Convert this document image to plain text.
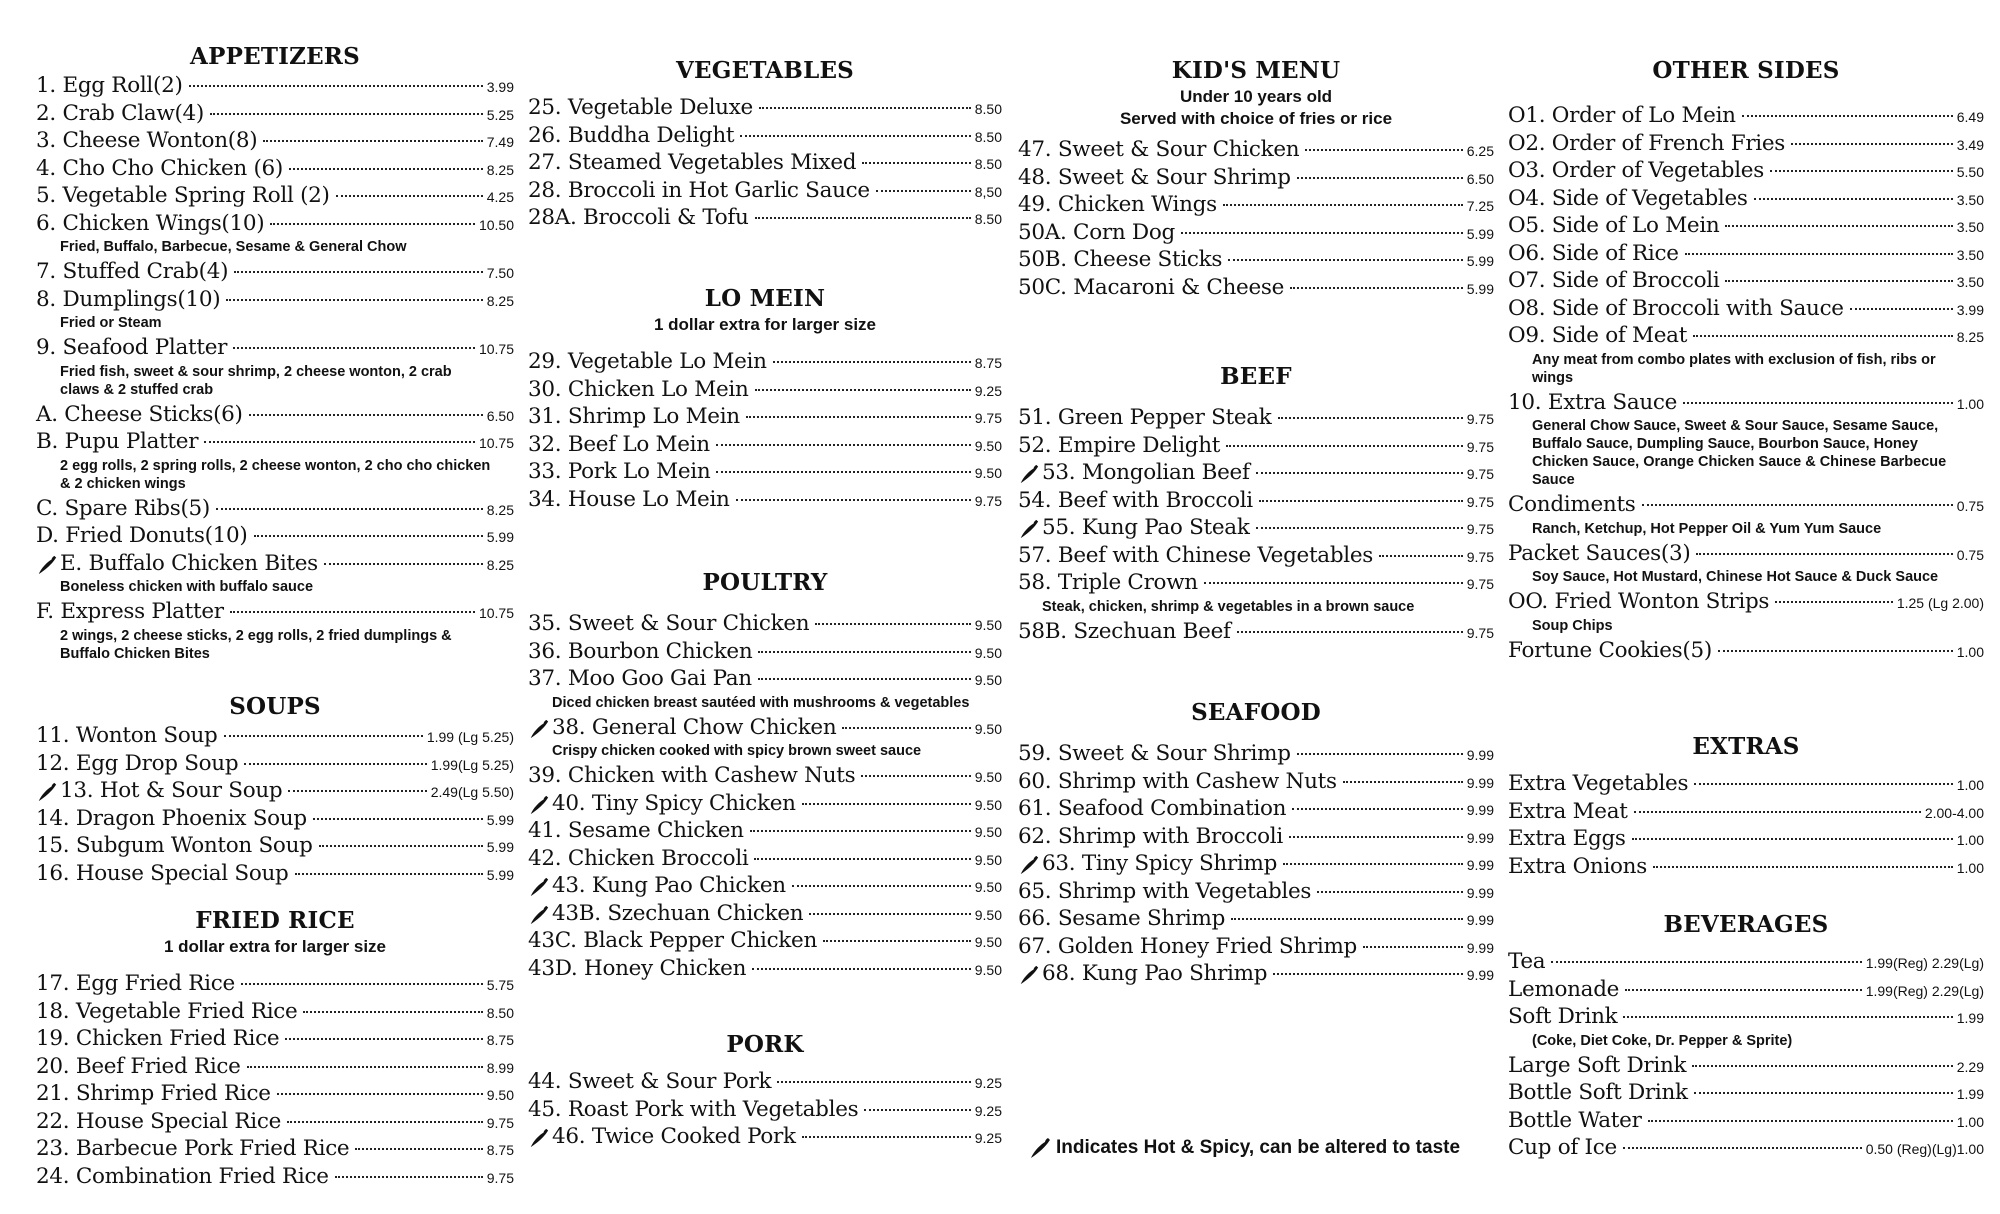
APPETIZERS
1. Egg Roll(2)	3.99
2. Crab Claw(4)	5.25
3. Cheese Wonton(8)	7.49
4. Cho Cho Chicken (6)	8.25
5. Vegetable Spring Roll (2)	4.25
6. Chicken Wings(10)	10.50
Fried, Buffalo, Barbecue, Sesame & General Chow
7. Stuffed Crab(4)	7.50
8. Dumplings(10)	8.25
Fried or Steam
9. Seafood Platter	10.75
Fried fish, sweet & sour shrimp, 2 cheese wonton, 2 crab claws & 2 stuffed crab
A. Cheese Sticks(6)	6.50
B. Pupu Platter	10.75
2 egg rolls, 2 spring rolls, 2 cheese wonton, 2 cho cho chicken & 2 chicken wings
C. Spare Ribs(5)	8.25
D. Fried Donuts(10)	5.99
E. Buffalo Chicken Bites	8.25
Boneless chicken with buffalo sauce
F. Express Platter	10.75
2 wings, 2 cheese sticks, 2 egg rolls, 2 fried dumplings & Buffalo Chicken Bites
SOUPS
11. Wonton Soup	1.99 (Lg 5.25)
12. Egg Drop Soup	1.99(Lg 5.25)
13. Hot & Sour Soup	2.49(Lg 5.50)
14. Dragon Phoenix Soup	5.99
15. Subgum Wonton Soup	5.99
16. House Special Soup	5.99
FRIED RICE
1 dollar extra for larger size
17. Egg Fried Rice	5.75
18. Vegetable Fried Rice	8.50
19. Chicken Fried Rice	8.75
20. Beef Fried Rice	8.99
21. Shrimp Fried Rice	9.50
22. House Special Rice	9.75
23. Barbecue Pork Fried Rice	8.75
24. Combination Fried Rice	9.75
VEGETABLES
25. Vegetable Deluxe	8.50
26. Buddha Delight	8.50
27. Steamed Vegetables Mixed	8.50
28. Broccoli in Hot Garlic Sauce	8,50
28A. Broccoli & Tofu	8.50
LO MEIN
1 dollar extra for larger size
29. Vegetable Lo Mein	8.75
30. Chicken Lo Mein	9.25
31. Shrimp Lo Mein	9.75
32. Beef Lo Mein	9.50
33. Pork Lo Mein	9.50
34. House Lo Mein	9.75
POULTRY
35. Sweet & Sour Chicken	9.50
36. Bourbon Chicken	9.50
37. Moo Goo Gai Pan	9.50
Diced chicken breast sautéed with mushrooms & vegetables
38. General Chow Chicken	9.50
Crispy chicken cooked with spicy brown sweet sauce
39. Chicken with Cashew Nuts	9.50
40. Tiny Spicy Chicken	9.50
41. Sesame Chicken	9.50
42. Chicken Broccoli	9.50
43. Kung Pao Chicken	9.50
43B. Szechuan Chicken	9.50
43C. Black Pepper Chicken	9.50
43D. Honey Chicken	9.50
PORK
44. Sweet & Sour Pork	9.25
45. Roast Pork with Vegetables	9.25
46. Twice Cooked Pork	9.25
KID'S MENU
Under 10 years old
Served with choice of fries or rice
47. Sweet & Sour Chicken	6.25
48. Sweet & Sour Shrimp	6.50
49. Chicken Wings	7.25
50A. Corn Dog	5.99
50B. Cheese Sticks	5.99
50C. Macaroni & Cheese	5.99
BEEF
51. Green Pepper Steak	9.75
52. Empire Delight	9.75
53. Mongolian Beef	9.75
54. Beef with Broccoli	9.75
55. Kung Pao Steak	9.75
57. Beef with Chinese Vegetables	9.75
58. Triple Crown	9.75
Steak, chicken, shrimp & vegetables in a brown sauce
58B. Szechuan Beef	9.75
SEAFOOD
59. Sweet & Sour Shrimp	9.99
60. Shrimp with Cashew Nuts	9.99
61. Seafood Combination	9.99
62. Shrimp with Broccoli	9.99
63. Tiny Spicy Shrimp	9.99
65. Shrimp with Vegetables	9.99
66. Sesame Shrimp	9.99
67. Golden Honey Fried Shrimp	9.99
68. Kung Pao Shrimp	9.99
Indicates Hot & Spicy, can be altered to taste
OTHER SIDES
O1. Order of Lo Mein	6.49
O2. Order of French Fries	3.49
O3. Order of Vegetables	5.50
O4. Side of Vegetables	3.50
O5. Side of Lo Mein	3.50
O6. Side of Rice	3.50
O7. Side of Broccoli	3.50
O8. Side of Broccoli with Sauce	3.99
O9. Side of Meat	8.25
Any meat from combo plates with exclusion of fish, ribs or wings
10. Extra Sauce	1.00
General Chow Sauce, Sweet & Sour Sauce, Sesame Sauce, Buffalo Sauce, Dumpling Sauce, Bourbon Sauce, Honey Chicken Sauce, Orange Chicken Sauce & Chinese Barbecue Sauce
Condiments	0.75
Ranch, Ketchup, Hot Pepper Oil & Yum Yum Sauce
Packet Sauces(3)	0.75
Soy Sauce, Hot Mustard, Chinese Hot Sauce & Duck Sauce
OO. Fried Wonton Strips	1.25 (Lg 2.00)
Soup Chips
Fortune Cookies(5)	1.00
EXTRAS
Extra Vegetables	1.00
Extra Meat	2.00-4.00
Extra Eggs	1.00
Extra Onions	1.00
BEVERAGES
Tea	1.99(Reg) 2.29(Lg)
Lemonade	1.99(Reg) 2.29(Lg)
Soft Drink	1.99
(Coke, Diet Coke, Dr. Pepper & Sprite)
Large Soft Drink	2.29
Bottle Soft Drink	1.99
Bottle Water	1.00
Cup of Ice	0.50 (Reg)(Lg)1.00
